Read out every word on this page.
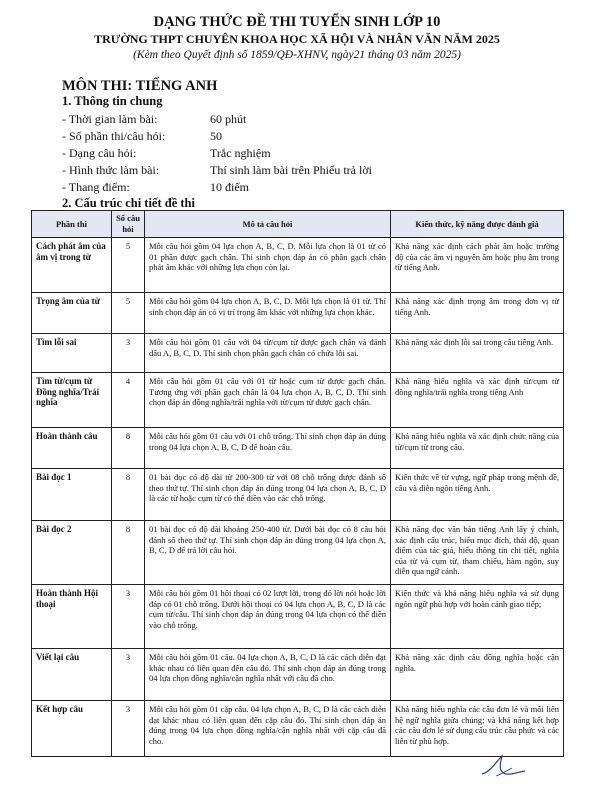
DẠNG THỨC ĐỀ THI TUYỂN SINH LỚP 10
TRƯỜNG THPT CHUYÊN KHOA HỌC XÃ HỘI VÀ NHÂN VĂN NĂM 2025
(Kèm theo Quyết định số 1859/QĐ-XHNV, ngày21 tháng 03 năm 2025)
MÔN THI: TIẾNG ANH
1. Thông tin chung
- Thời gian làm bài:	60 phút
- Số phần thi/câu hỏi:	50
- Dạng câu hỏi:	Trắc nghiệm
- Hình thức làm bài:	Thí sinh làm bài trên Phiếu trả lời
- Thang điểm:	10 điểm
2. Cấu trúc chi tiết đề thi
Phần thi	Số câu hỏi	Mô tả câu hỏi	Kiến thức, kỹ năng được đánh giá
Cách phát âm của âm vị trong từ	5	Mỗi câu hỏi gồm 04 lựa chọn A, B, C, D. Mỗi lựa chọn là 01 từ có 01 phần được gạch chân. Thí sinh chọn đáp án có phần gạch chân phát âm khác với những lựa chọn còn lại.	Khả năng xác định cách phát âm hoặc trường độ của các âm vị nguyên âm hoặc phụ âm trong từ tiếng Anh.
Trọng âm của từ	5	Mỗi câu hỏi gồm 04 lựa chọn A, B, C, D. Mỗi lựa chọn là 01 từ. Thí sinh chọn đáp án có vị trí trọng âm khác với những lựa chọn khác.	Khả năng xác định trọng âm trong đơn vị từ tiếng Anh.
Tìm lỗi sai	3	Mỗi câu hỏi gồm 01 câu với 04 từ/cụm từ được gạch chân và đánh dấu A, B, C, D. Thí sinh chọn phần gạch chân có chứa lỗi sai.	Khả năng xác định lỗi sai trong câu tiếng Anh.
Tìm từ/cụm từ Đồng nghĩa/Trái nghĩa	4	Mỗi câu hỏi gồm 01 câu với 01 từ hoặc cụm từ được gạch chân. Tương ứng với phần gạch chân là 04 lựa chọn A, B, C, D. Thí sinh chọn đáp án đồng nghĩa/trái nghĩa với từ/cụm từ được gạch chân.	Khả năng hiểu nghĩa và xác định từ/cụm từ đồng nghĩa/trái nghĩa trong tiếng Anh
Hoàn thành câu	8	Mỗi câu hỏi gồm 01 câu với 01 chỗ trống. Thí sinh chọn đáp án đúng trong 04 lựa chọn A, B, C, D để hoàn câu.	Khả năng hiểu nghĩa và xác định chức năng của từ/cụm từ trong câu.
Bài đọc 1	8	01 bài đọc có độ dài từ 200-300 từ với 08 chỗ trống được đánh số theo thứ tự. Thí sinh chọn đáp án đúng trong 04 lựa chọn A, B, C, D là các từ hoặc cụm từ có thể điền vào các chỗ trống.	Kiến thức về từ vựng, ngữ pháp trong mệnh đề, câu và diễn ngôn tiếng Anh.
Bài đọc 2	8	01 bài đọc có độ dài khoảng 250-400 từ. Dưới bài đọc có 8 câu hỏi đánh số theo thứ tự. Thí sinh chọn đáp án đúng trong 04 lựa chọn A, B, C, D để trả lời câu hỏi.	Khả năng đọc văn bản tiếng Anh lấy ý chính, xác định cấu trúc, hiểu mục đích, thái độ, quan điểm của tác giả, hiểu thông tin chi tiết, nghĩa của từ và cụm từ, tham chiếu, hàm ngôn, suy diễn qua ngữ cảnh.
Hoàn thành Hội thoại	3	Mỗi câu hỏi gồm 01 hội thoại có 02 lượt lời, trong đó lời nói hoặc lời đáp có 01 chỗ trống. Dưới hội thoại có 04 lựa chọn A, B, C, D là các cụm từ/câu. Thí sinh chọn đáp án đúng trong 04 lựa chọn có thể điền vào chỗ trống.	Kiến thức và khả năng hiểu nghĩa và sử dụng ngôn ngữ phù hợp với hoàn cảnh giao tiếp;
Viết lại câu	3	Mỗi câu hỏi gồm 01 câu. 04 lựa chọn A, B, C, D là các cách diễn đạt khác nhau có liên quan đến câu đó. Thí sinh chọn đáp án đúng trong 04 lựa chọn đồng nghĩa/cận nghĩa nhất với câu đã cho.	Khả năng xác định câu đồng nghĩa hoặc cận nghĩa.
Kết hợp câu	3	Mỗi câu hỏi gồm 01 cặp câu. 04 lựa chọn A, B, C, D là các cách diễn đạt khác nhau có liên quan đến cặp câu đó. Thí sinh chọn đáp án đúng trong 04 lựa chọn đồng nghĩa/cận nghĩa nhất với cặp câu đã cho.	Khả năng hiểu nghĩa các câu đơn lẻ và mối liên hệ ngữ nghĩa giữa chúng; và khả năng kết hợp các câu đơn lẻ sử dụng cấu trúc câu phức và các liên từ phù hợp.
